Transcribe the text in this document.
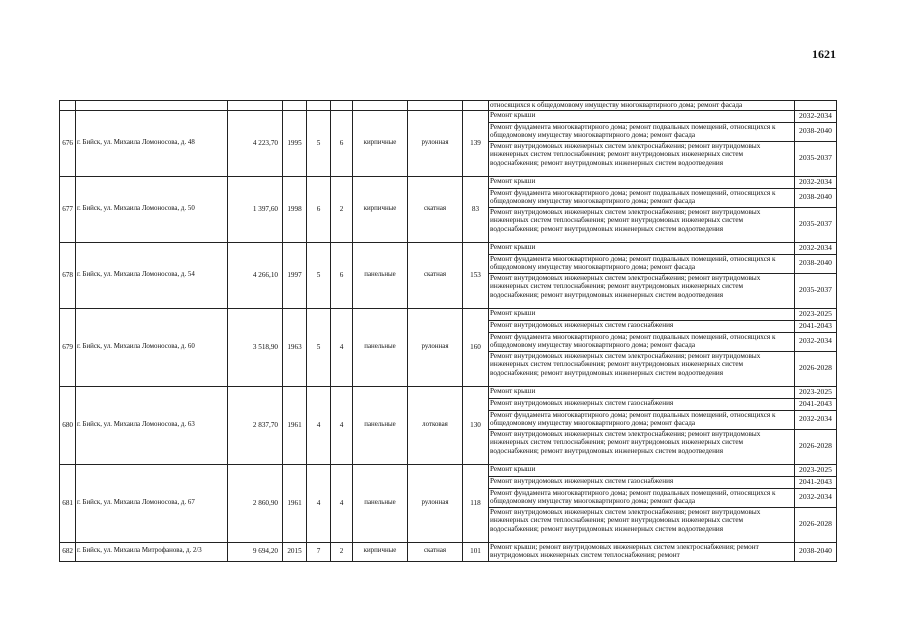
1621
									относящихся к общедомовому имуществу многоквартирного дома; ремонт фасада	
676	г. Бийск, ул. Михаила Ломоносова, д. 48	4 223,70	1995	5	6	кирпичные	рулонная	139	Ремонт крыши	2032-2034
									Ремонт фундамента многоквартирного дома; ремонт подвальных помещений, относящихся к
общедомовому имуществу многоквартирного дома; ремонт фасада	2038-2040
									Ремонт внутридомовых инженерных систем электроснабжения; ремонт внутридомовых
инженерных систем теплоснабжения; ремонт внутридомовых инженерных систем
водоснабжения; ремонт внутридомовых инженерных систем водоотведения	2035-2037
677	г. Бийск, ул. Михаила Ломоносова, д. 50	1 397,60	1998	6	2	кирпичные	скатная	83	Ремонт крыши	2032-2034
									Ремонт фундамента многоквартирного дома; ремонт подвальных помещений, относящихся к
общедомовому имуществу многоквартирного дома; ремонт фасада	2038-2040
									Ремонт внутридомовых инженерных систем электроснабжения; ремонт внутридомовых
инженерных систем теплоснабжения; ремонт внутридомовых инженерных систем
водоснабжения; ремонт внутридомовых инженерных систем водоотведения	2035-2037
678	г. Бийск, ул. Михаила Ломоносова, д. 54	4 266,10	1997	5	6	панельные	скатная	153	Ремонт крыши	2032-2034
									Ремонт фундамента многоквартирного дома; ремонт подвальных помещений, относящихся к
общедомовому имуществу многоквартирного дома; ремонт фасада	2038-2040
									Ремонт внутридомовых инженерных систем электроснабжения; ремонт внутридомовых
инженерных систем теплоснабжения; ремонт внутридомовых инженерных систем
водоснабжения; ремонт внутридомовых инженерных систем водоотведения	2035-2037
679	г. Бийск, ул. Михаила Ломоносова, д. 60	3 518,90	1963	5	4	панельные	рулонная	160	Ремонт крыши	2023-2025
									Ремонт внутридомовых инженерных систем газоснабжения	2041-2043
									Ремонт фундамента многоквартирного дома; ремонт подвальных помещений, относящихся к
общедомовому имуществу многоквартирного дома; ремонт фасада	2032-2034
									Ремонт внутридомовых инженерных систем электроснабжения; ремонт внутридомовых
инженерных систем теплоснабжения; ремонт внутридомовых инженерных систем
водоснабжения; ремонт внутридомовых инженерных систем водоотведения	2026-2028
680	г. Бийск, ул. Михаила Ломоносова, д. 63	2 837,70	1961	4	4	панельные	лотковая	130	Ремонт крыши	2023-2025
									Ремонт внутридомовых инженерных систем газоснабжения	2041-2043
									Ремонт фундамента многоквартирного дома; ремонт подвальных помещений, относящихся к
общедомовому имуществу многоквартирного дома; ремонт фасада	2032-2034
									Ремонт внутридомовых инженерных систем электроснабжения; ремонт внутридомовых
инженерных систем теплоснабжения; ремонт внутридомовых инженерных систем
водоснабжения; ремонт внутридомовых инженерных систем водоотведения	2026-2028
681	г. Бийск, ул. Михаила Ломоносова, д. 67	2 860,90	1961	4	4	панельные	рулонная	118	Ремонт крыши	2023-2025
									Ремонт внутридомовых инженерных систем газоснабжения	2041-2043
									Ремонт фундамента многоквартирного дома; ремонт подвальных помещений, относящихся к
общедомовому имуществу многоквартирного дома; ремонт фасада	2032-2034
									Ремонт внутридомовых инженерных систем электроснабжения; ремонт внутридомовых
инженерных систем теплоснабжения; ремонт внутридомовых инженерных систем
водоснабжения; ремонт внутридомовых инженерных систем водоотведения	2026-2028
682	г. Бийск, ул. Михаила Митрофанова, д. 2/3	9 694,20	2015	7	2	кирпичные	скатная	101	Ремонт крыши; ремонт внутридомовых инженерных систем электроснабжения; ремонт
внутридомовых инженерных систем теплоснабжения; ремонт	2038-2040
